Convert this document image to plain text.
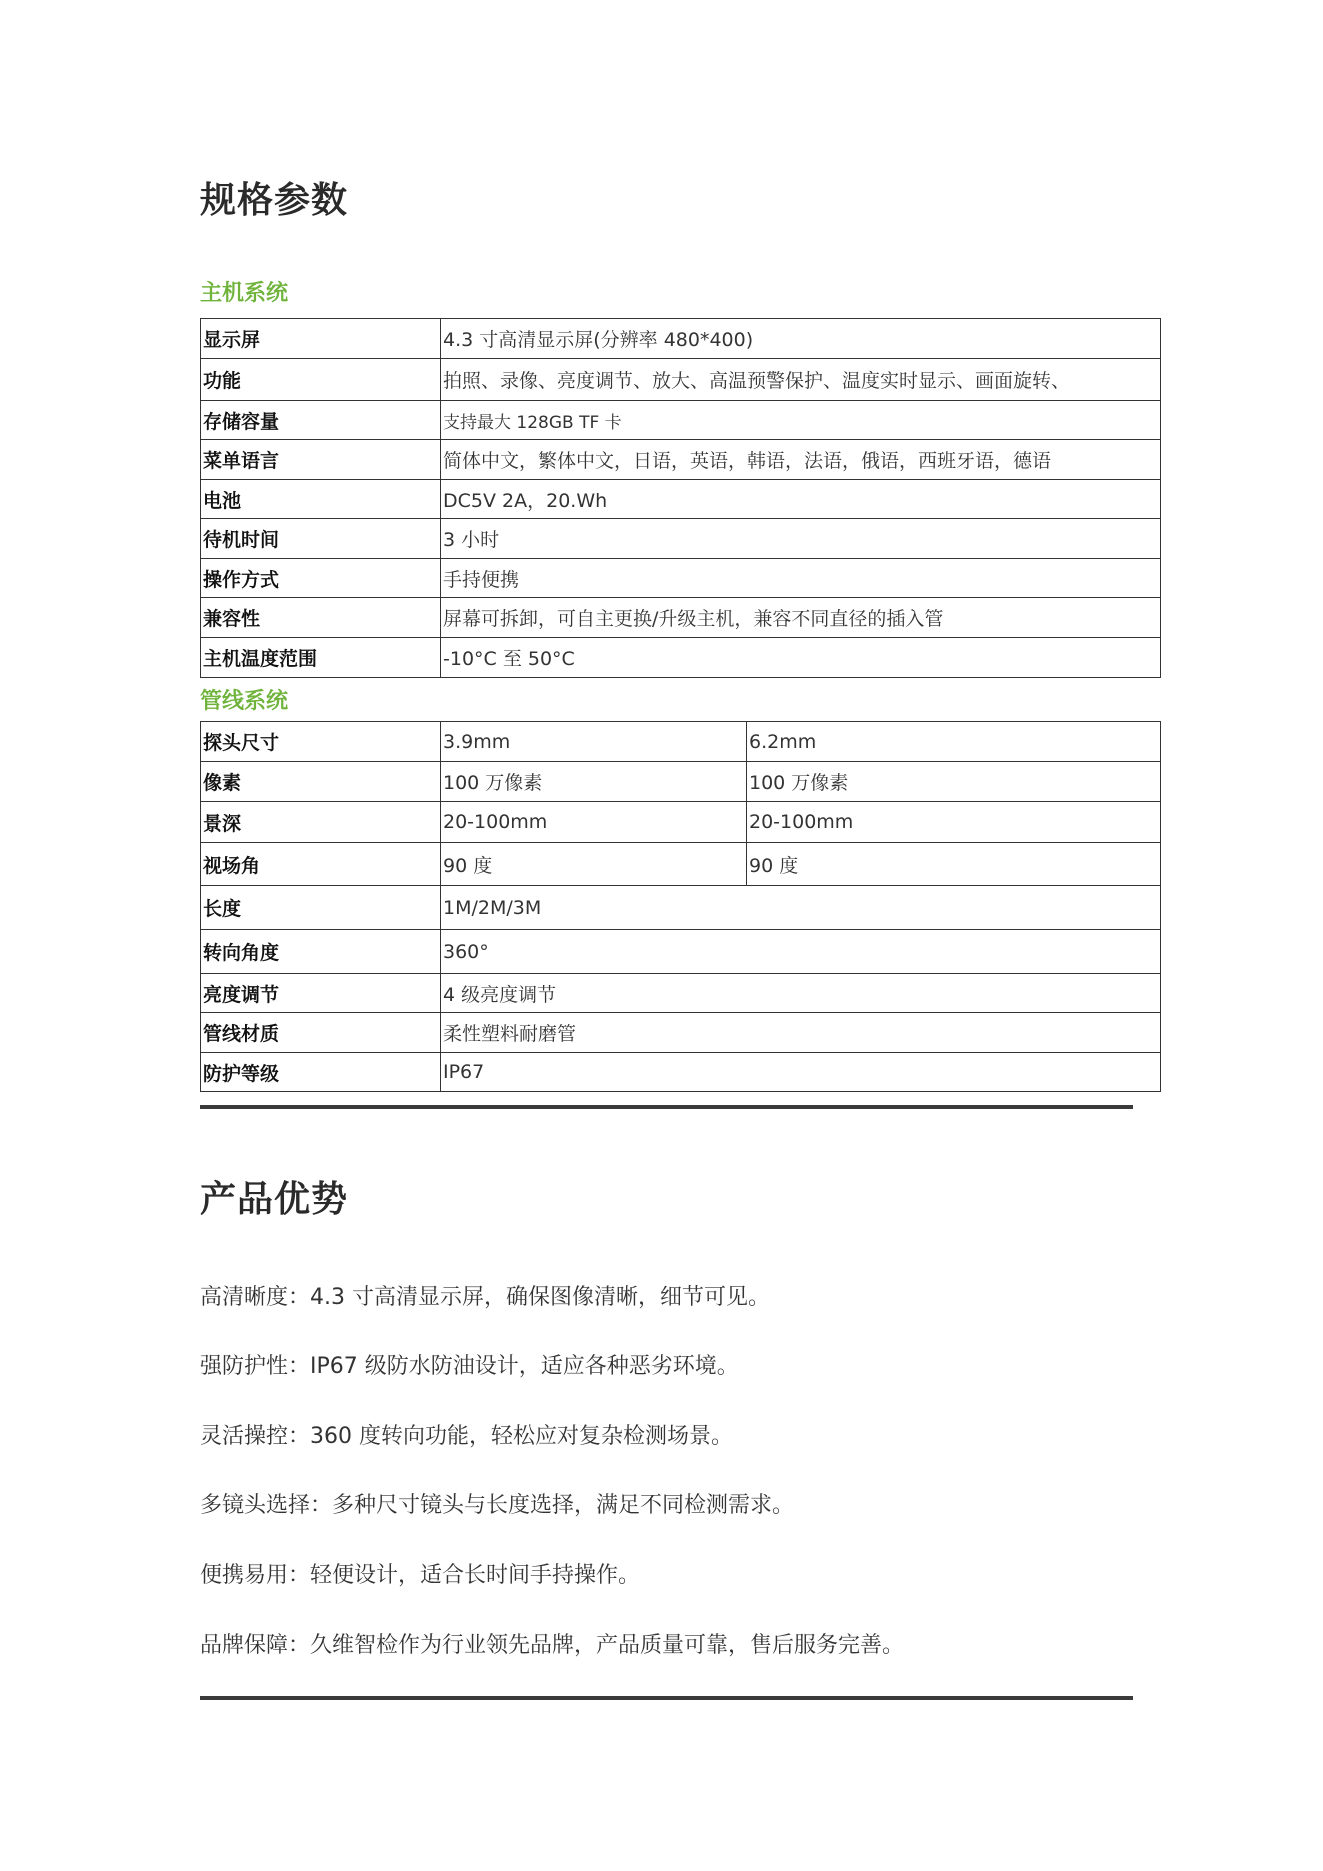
规格参数
主机系统
显示屏	4.3 寸高清显示屏(分辨率 480*400)
功能	拍照、录像、亮度调节、放大、高温预警保护、温度实时显示、画面旋转、
存储容量	支持最大 128GB TF 卡
菜单语言	简体中文，繁体中文，日语，英语，韩语，法语，俄语，西班牙语，德语
电池	DC5V 2A，20.Wh
待机时间	3 小时
操作方式	手持便携
兼容性	屏幕可拆卸，可自主更换/升级主机，兼容不同直径的插入管
主机温度范围	-10°C 至 50°C
管线系统
探头尺寸	3.9mm	6.2mm
像素	100 万像素	100 万像素
景深	20-100mm	20-100mm
视场角	90 度	90 度
长度	1M/2M/3M	
转向角度	360°	
亮度调节	4 级亮度调节	
管线材质	柔性塑料耐磨管	
防护等级	IP67	
产品优势
高清晰度：4.3 寸高清显示屏，确保图像清晰，细节可见。
强防护性：IP67 级防水防油设计，适应各种恶劣环境。
灵活操控：360 度转向功能，轻松应对复杂检测场景。
多镜头选择：多种尺寸镜头与长度选择，满足不同检测需求。
便携易用：轻便设计，适合长时间手持操作。
品牌保障：久维智检作为行业领先品牌，产品质量可靠，售后服务完善。
